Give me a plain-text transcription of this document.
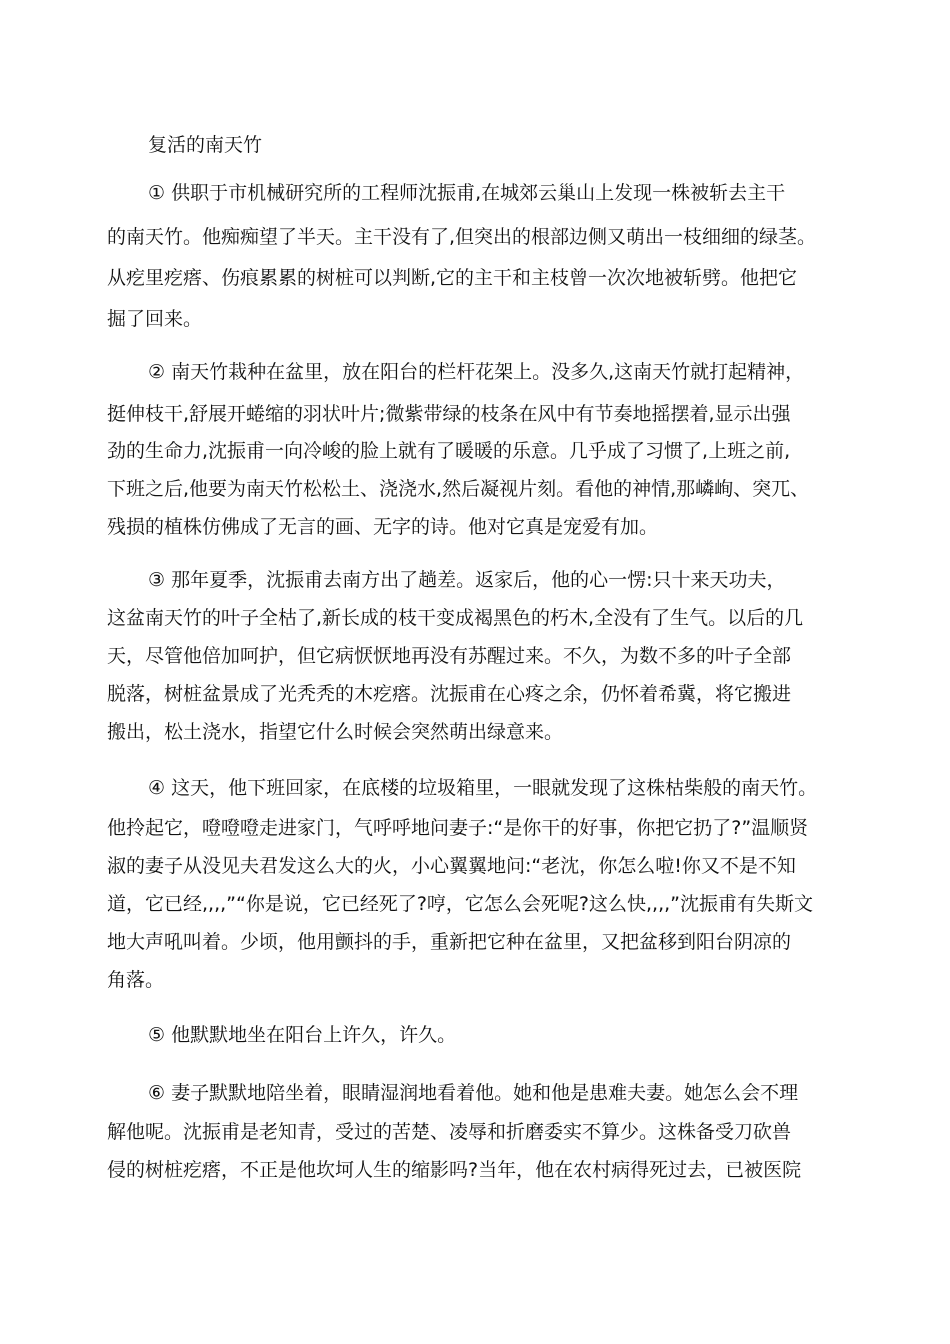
复活的南天竹
① 供职于市机械研究所的工程师沈振甫,在城郊云巢山上发现一株被斩去主干
的南天竹。他痴痴望了半天。主干没有了,但突出的根部边侧又萌出一枝细细的绿茎。
从疙里疙瘩、伤痕累累的树桩可以判断,它的主干和主枝曾一次次地被斩劈。他把它
掘了回来。
② 南天竹栽种在盆里，放在阳台的栏杆花架上。没多久,这南天竹就打起精神，
挺伸枝干,舒展开蜷缩的羽状叶片;微紫带绿的枝条在风中有节奏地摇摆着,显示出强
劲的生命力,沈振甫一向冷峻的脸上就有了暖暖的乐意。几乎成了习惯了,上班之前,
下班之后,他要为南天竹松松土、浇浇水,然后凝视片刻。看他的神情,那嶙峋、突兀、
残损的植株仿佛成了无言的画、无字的诗。他对它真是宠爱有加。
③ 那年夏季，沈振甫去南方出了趟差。返家后，他的心一愣:只十来天功夫，
这盆南天竹的叶子全枯了,新长成的枝干变成褐黑色的朽木,全没有了生气。以后的几
天，尽管他倍加呵护，但它病恹恹地再没有苏醒过来。不久，为数不多的叶子全部
脱落，树桩盆景成了光秃秃的木疙瘩。沈振甫在心疼之余，仍怀着希冀，将它搬进
搬出，松土浇水，指望它什么时候会突然萌出绿意来。
④ 这天，他下班回家，在底楼的垃圾箱里，一眼就发现了这株枯柴般的南天竹。
他拎起它，噔噔噔走进家门，气呼呼地问妻子:“是你干的好事，你把它扔了?”温顺贤
淑的妻子从没见夫君发这么大的火，小心翼翼地问:“老沈，你怎么啦!你又不是不知
道，它已经,,,,”“你是说，它已经死了?哼，它怎么会死呢?这么快,,,,”沈振甫有失斯文
地大声吼叫着。少顷，他用颤抖的手，重新把它种在盆里，又把盆移到阳台阴凉的
角落。
⑤ 他默默地坐在阳台上许久，许久。
⑥ 妻子默默地陪坐着，眼睛湿润地看着他。她和他是患难夫妻。她怎么会不理
解他呢。沈振甫是老知青，受过的苦楚、凌辱和折磨委实不算少。这株备受刀砍兽
侵的树桩疙瘩，不正是他坎坷人生的缩影吗?当年，他在农村病得死过去，已被医院
